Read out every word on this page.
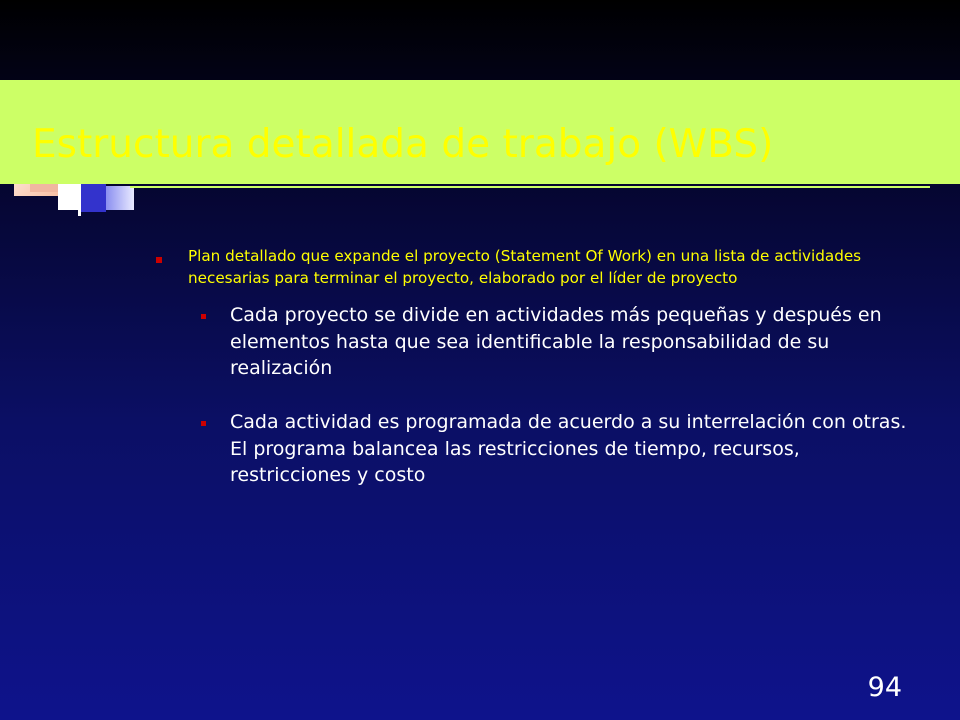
Estructura detallada de trabajo (WBS)
Plan detallado que expande el proyecto (Statement Of Work) en una lista de actividades necesarias para terminar el proyecto, elaborado por el líder de proyecto
Cada proyecto se divide en actividades más pequeñas y después en elementos hasta que sea identificable la responsabilidad de su realización
Cada actividad es programada de acuerdo a su interrelación con otras. El programa balancea las restricciones de tiempo, recursos, restricciones y costo
94
